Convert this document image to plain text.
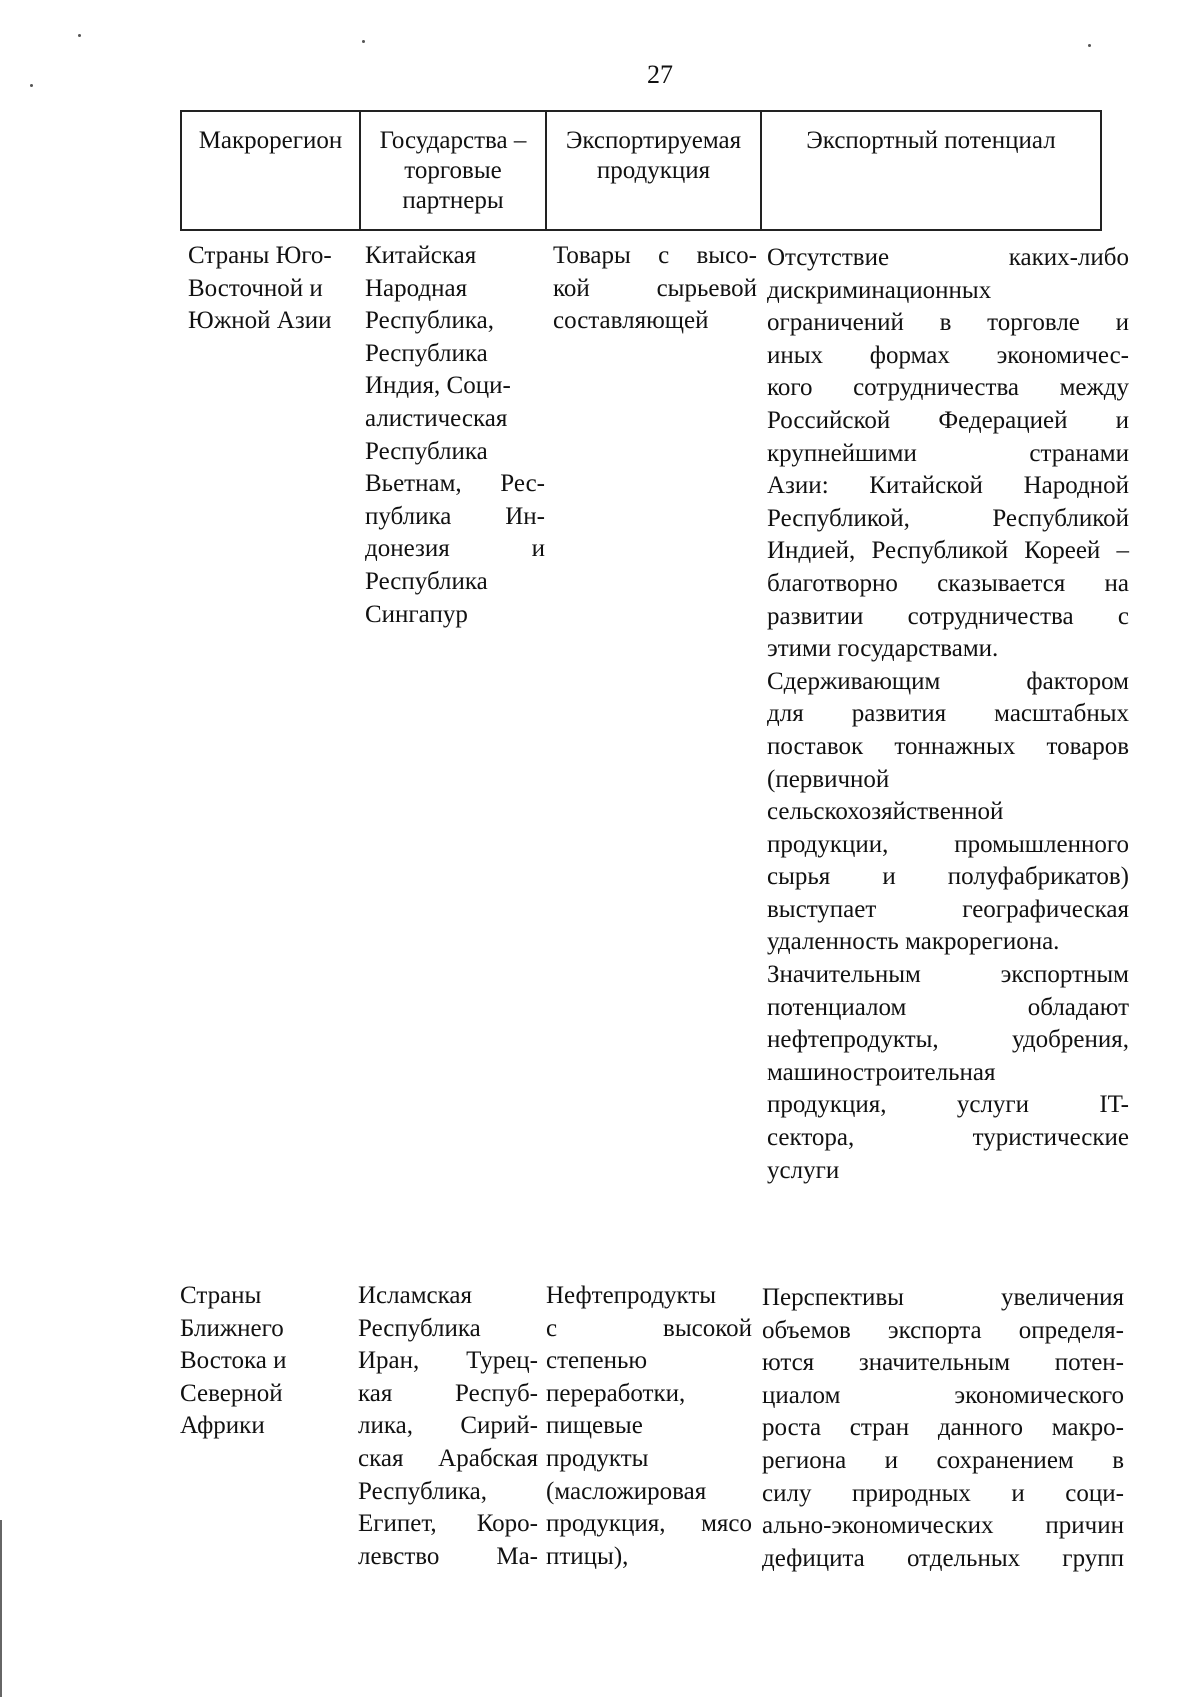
27
Макрорегион	Государства –
торговые
партнеры
Экспортируемая
продукция
Экспортный потенциал
Страны Юго-
Восточной и
Южной Азии
Китайская
Народная
Республика,
Республика
Индия, Соци-
алистическая
Республика
Вьетнам, Рес-
публика Ин-
донезия и
Республика
Сингапур
Товары с высо-
кой сырьевой
составляющей
Отсутствие каких-либо
дискриминационных
ограничений в торговле и
иных формах экономичес-
кого сотрудничества между
Российской Федерацией и
крупнейшими странами
Азии: Китайской Народной
Республикой, Республикой
Индией, Республикой Кореей –
благотворно сказывается на
развитии сотрудничества с
этими государствами.
Сдерживающим фактором
для развития масштабных
поставок тоннажных товаров
(первичной
сельскохозяйственной
продукции, промышленного
сырья и полуфабрикатов)
выступает географическая
удаленность макрорегиона.
Значительным экспортным
потенциалом обладают
нефтепродукты, удобрения,
машиностроительная
продукция, услуги IT-
сектора, туристические
услуги
Страны
Ближнего
Востока и
Северной
Африки
Исламская
Республика
Иран, Турец-
кая Респуб-
лика, Сирий-
ская Арабская
Республика,
Египет, Коро-
левство Ма-
Нефтепродукты
с высокой
степенью
переработки,
пищевые
продукты
(масложировая
продукция, мясо
птицы),
Перспективы увеличения
объемов экспорта определя-
ются значительным потен-
циалом экономического
роста стран данного макро-
региона и сохранением в
силу природных и соци-
ально-экономических причин
дефицита отдельных групп
